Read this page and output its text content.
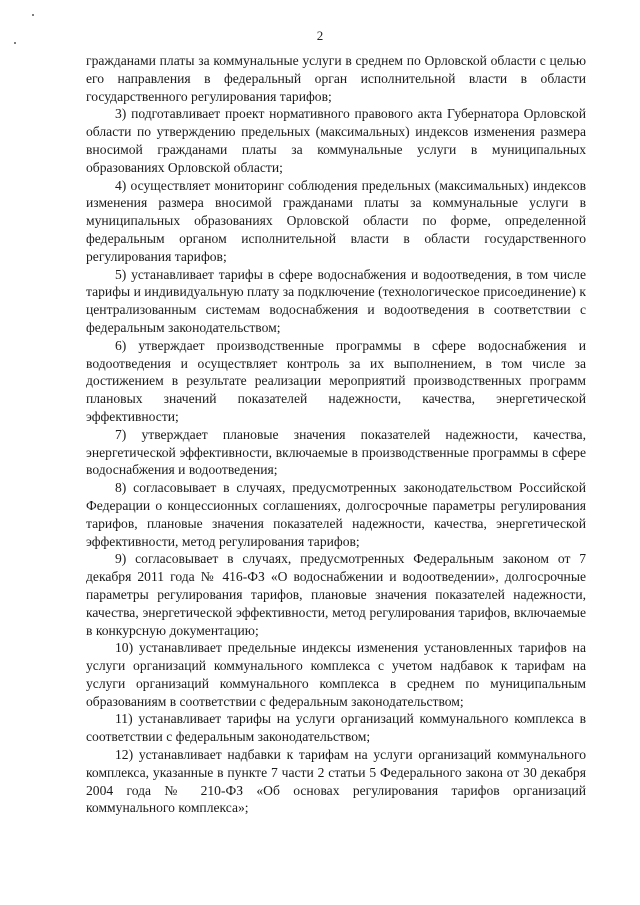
2

гражданами платы за коммунальные услуги в среднем по Орловской области с целью его направления в федеральный орган исполнительной власти в области государственного регулирования тарифов;

3) подготавливает проект нормативного правового акта Губернатора Орловской области по утверждению предельных (максимальных) индексов изменения размера вносимой гражданами платы за коммунальные услуги в муниципальных образованиях Орловской области;

4) осуществляет мониторинг соблюдения предельных (максимальных) индексов изменения размера вносимой гражданами платы за коммунальные услуги в муниципальных образованиях Орловской области по форме, определенной федеральным органом исполнительной власти в области государственного регулирования тарифов;

5) устанавливает тарифы в сфере водоснабжения и водоотведения, в том числе тарифы и индивидуальную плату за подключение (технологическое присоединение) к централизованным системам водоснабжения и водоотведения в соответствии с федеральным законодательством;

6) утверждает производственные программы в сфере водоснабжения и водоотведения и осуществляет контроль за их выполнением, в том числе за достижением в результате реализации мероприятий производственных программ плановых значений показателей надежности, качества, энергетической эффективности;

7) утверждает плановые значения показателей надежности, качества, энергетической эффективности, включаемые в производственные программы в сфере водоснабжения и водоотведения;

8) согласовывает в случаях, предусмотренных законодательством Российской Федерации о концессионных соглашениях, долгосрочные параметры регулирования тарифов, плановые значения показателей надежности, качества, энергетической эффективности, метод регулирования тарифов;

9) согласовывает в случаях, предусмотренных Федеральным законом от 7 декабря 2011 года № 416-ФЗ «О водоснабжении и водоотведении», долгосрочные параметры регулирования тарифов, плановые значения показателей надежности, качества, энергетической эффективности, метод регулирования тарифов, включаемые в конкурсную документацию;

10) устанавливает предельные индексы изменения установленных тарифов на услуги организаций коммунального комплекса с учетом надбавок к тарифам на услуги организаций коммунального комплекса в среднем по муниципальным образованиям в соответствии с федеральным законодательством;

11) устанавливает тарифы на услуги организаций коммунального комплекса в соответствии с федеральным законодательством;

12) устанавливает надбавки к тарифам на услуги организаций коммунального комплекса, указанные в пункте 7 части 2 статьи 5 Федерального закона от 30 декабря 2004 года № 210-ФЗ «Об основах регулирования тарифов организаций коммунального комплекса»;
